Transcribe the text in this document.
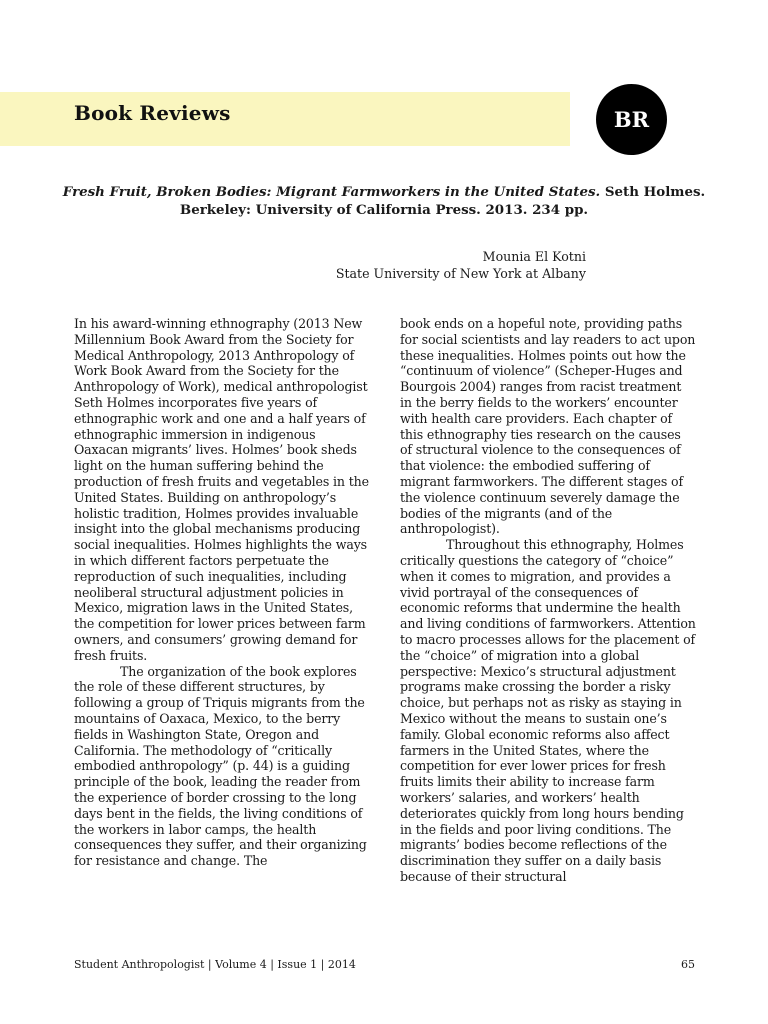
Book Reviews	BR
Fresh Fruit, Broken Bodies: Migrant Farmworkers in the United States. Seth Holmes.
Berkeley: University of California Press. 2013. 234 pp.
Mounia El Kotni
State University of New York at Albany

In his award-winning ethnography (2013 New Millennium Book Award from the Society for Medical Anthropology, 2013 Anthropology of Work Book Award from the Society for the Anthropology of Work), medical anthropologist Seth Holmes incorporates five years of ethnographic work and one and a half years of ethnographic immersion in indigenous Oaxacan migrants’ lives. Holmes’ book sheds light on the human suffering behind the production of fresh fruits and vegetables in the United States. Building on anthropology’s holistic tradition, Holmes provides invaluable insight into the global mechanisms producing social inequalities. Holmes highlights the ways in which different factors perpetuate the reproduction of such inequalities, including neoliberal structural adjustment policies in Mexico, migration laws in the United States, the competition for lower prices between farm owners, and consumers’ growing demand for fresh fruits.

The organization of the book explores the role of these different structures, by following a group of Triquis migrants from the mountains of Oaxaca, Mexico, to the berry fields in Washington State, Oregon and California. The methodology of “critically embodied anthropology” (p. 44) is a guiding principle of the book, leading the reader from the experience of border crossing to the long days bent in the fields, the living conditions of the workers in labor camps, the health consequences they suffer, and their organizing for resistance and change. The

book ends on a hopeful note, providing paths for social scientists and lay readers to act upon these inequalities. Holmes points out how the “continuum of violence” (Scheper-Huges and Bourgois 2004) ranges from racist treatment in the berry fields to the workers’ encounter with health care providers. Each chapter of this ethnography ties research on the causes of structural violence to the consequences of that violence: the embodied suffering of migrant farmworkers. The different stages of the violence continuum severely damage the bodies of the migrants (and of the anthropologist).

Throughout this ethnography, Holmes critically questions the category of “choice” when it comes to migration, and provides a vivid portrayal of the consequences of economic reforms that undermine the health and living conditions of farmworkers. Attention to macro processes allows for the placement of the “choice” of migration into a global perspective: Mexico’s structural adjustment programs make crossing the border a risky choice, but perhaps not as risky as staying in Mexico without the means to sustain one’s family. Global economic reforms also affect farmers in the United States, where the competition for ever lower prices for fresh fruits limits their ability to increase farm workers’ salaries, and workers’ health deteriorates quickly from long hours bending in the fields and poor living conditions. The migrants’ bodies become reflections of the discrimination they suffer on a daily basis because of their structural

Student Anthropologist | Volume 4 | Issue 1 | 2014	65
